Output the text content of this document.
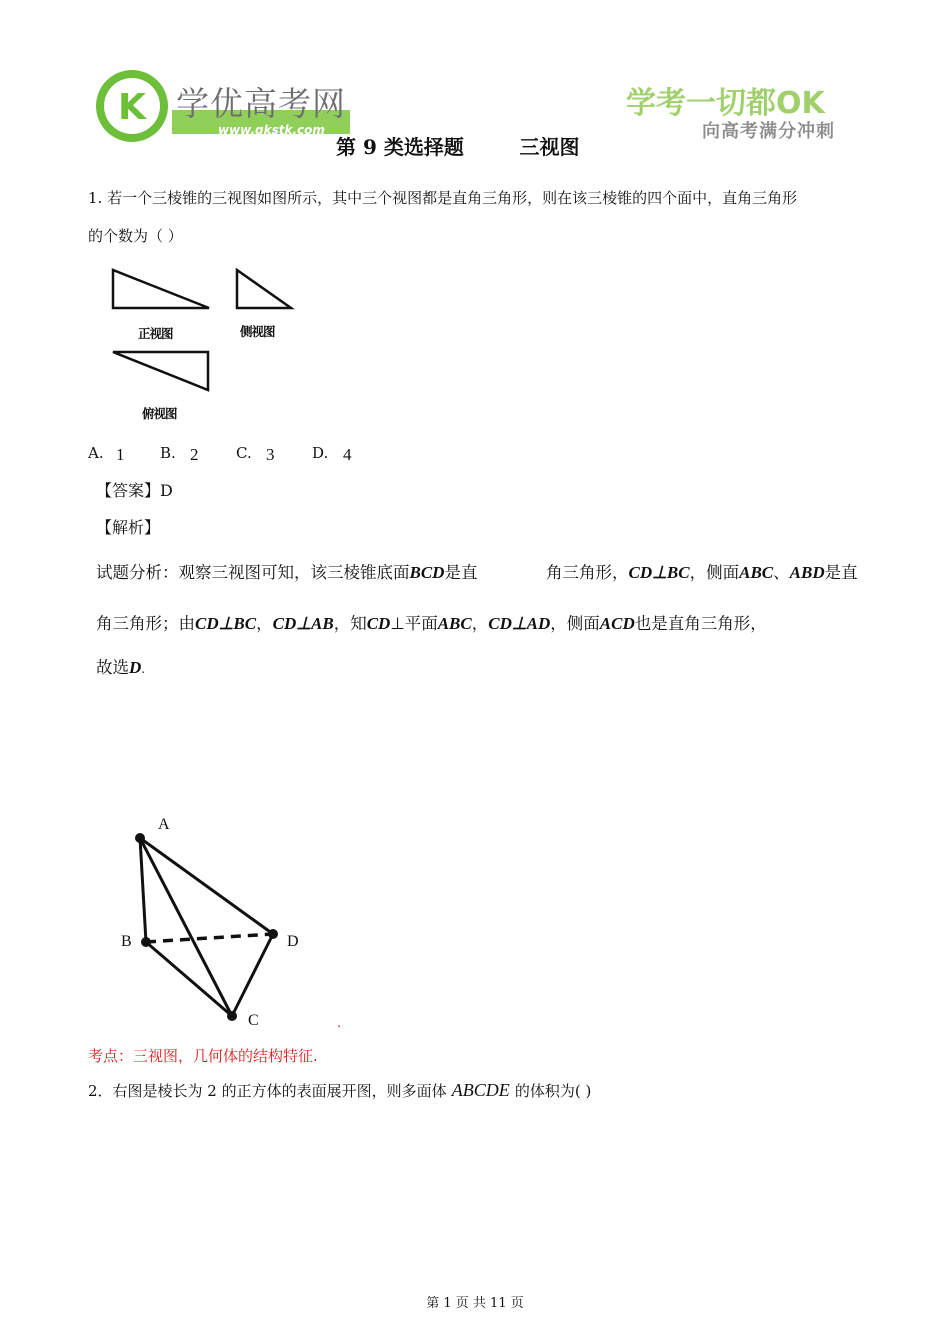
K 学优高考网
www.gkstk.com
学考一切都OK
向高考满分冲刺
第 9 类选择题        三视图
1. 若一个三棱锥的三视图如图所示，其中三个视图都是直角三角形，则在该三棱锥的四个面中，直角三角形
的个数为（ ）
正视图	侧视图
俯视图
A. 1 B. 2	C. 3	D. 4
【答案】D
【解析】
试题分析：观察三视图可知，该三棱锥底面BCD是直	角三角形，CD⊥BC，侧面ABC、ABD是直
角三角形；由CD⊥BC，CD⊥AB，知CD⊥平面ABC，CD⊥AD，侧面ACD也是直角三角形，
故选D.
A
B	D
C	.
考点：三视图，几何体的结构特征.
2．右图是棱长为 2 的正方体的表面展开图，则多面体 ABCDE 的体积为( )
第 1 页 共 11 页
